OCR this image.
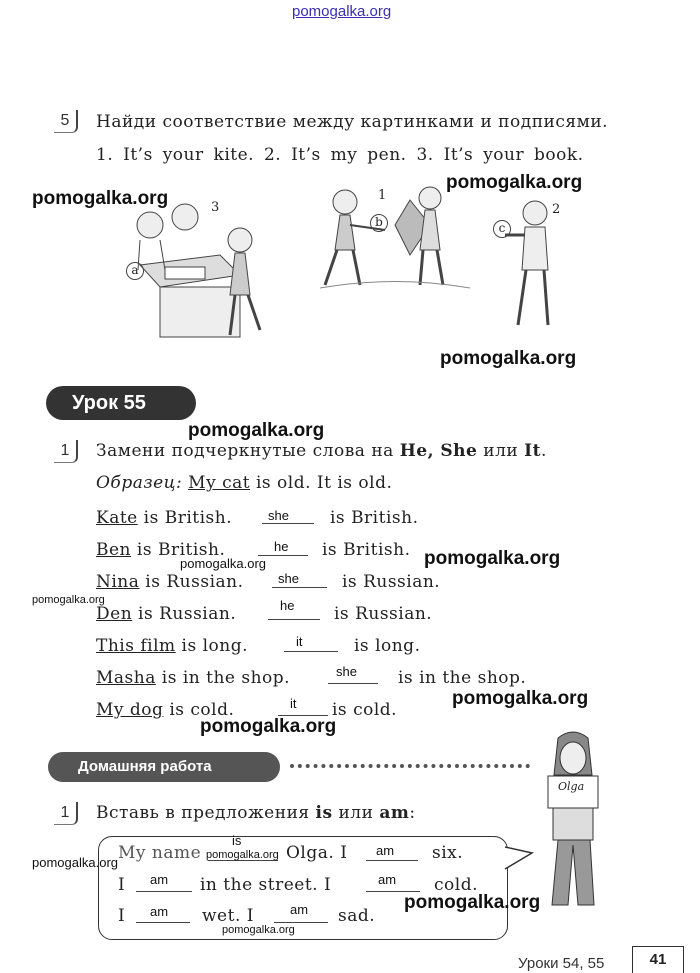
pomogalka.org
5	Найди соответствие между картинками и подписями.
1. It’s your kite. 2. It’s my pen. 3. It’s your book.
a
3
1
b	c
2
pomogalka.org
pomogalka.org
pomogalka.org
Урок 55
pomogalka.org
1	Замени подчеркнутые слова на He, She или It.
Образец: My cat is old. It is old.
Kate is British.	she is British.
Ben is British.	he is British.
Nina is Russian.	she	is Russian.
Den is Russian.	he is Russian.
This film is long.	it	is long.
Masha is in the shop.	she is in the shop.
My dog is cold.	it is cold.
pomogalka.org	pomogalka.org
pomogalka.org
pomogalka.org
pomogalka.org
Домашняя работа
Olga
1	Вставь в предложения is или am:
My name
is
Olga. I am six.
I am in the street. I	am cold.
I am wet. I	am sad.
pomogalka.org
pomogalka.org
pomogalka.org
pomogalka.org
Уроки 54, 55	41
